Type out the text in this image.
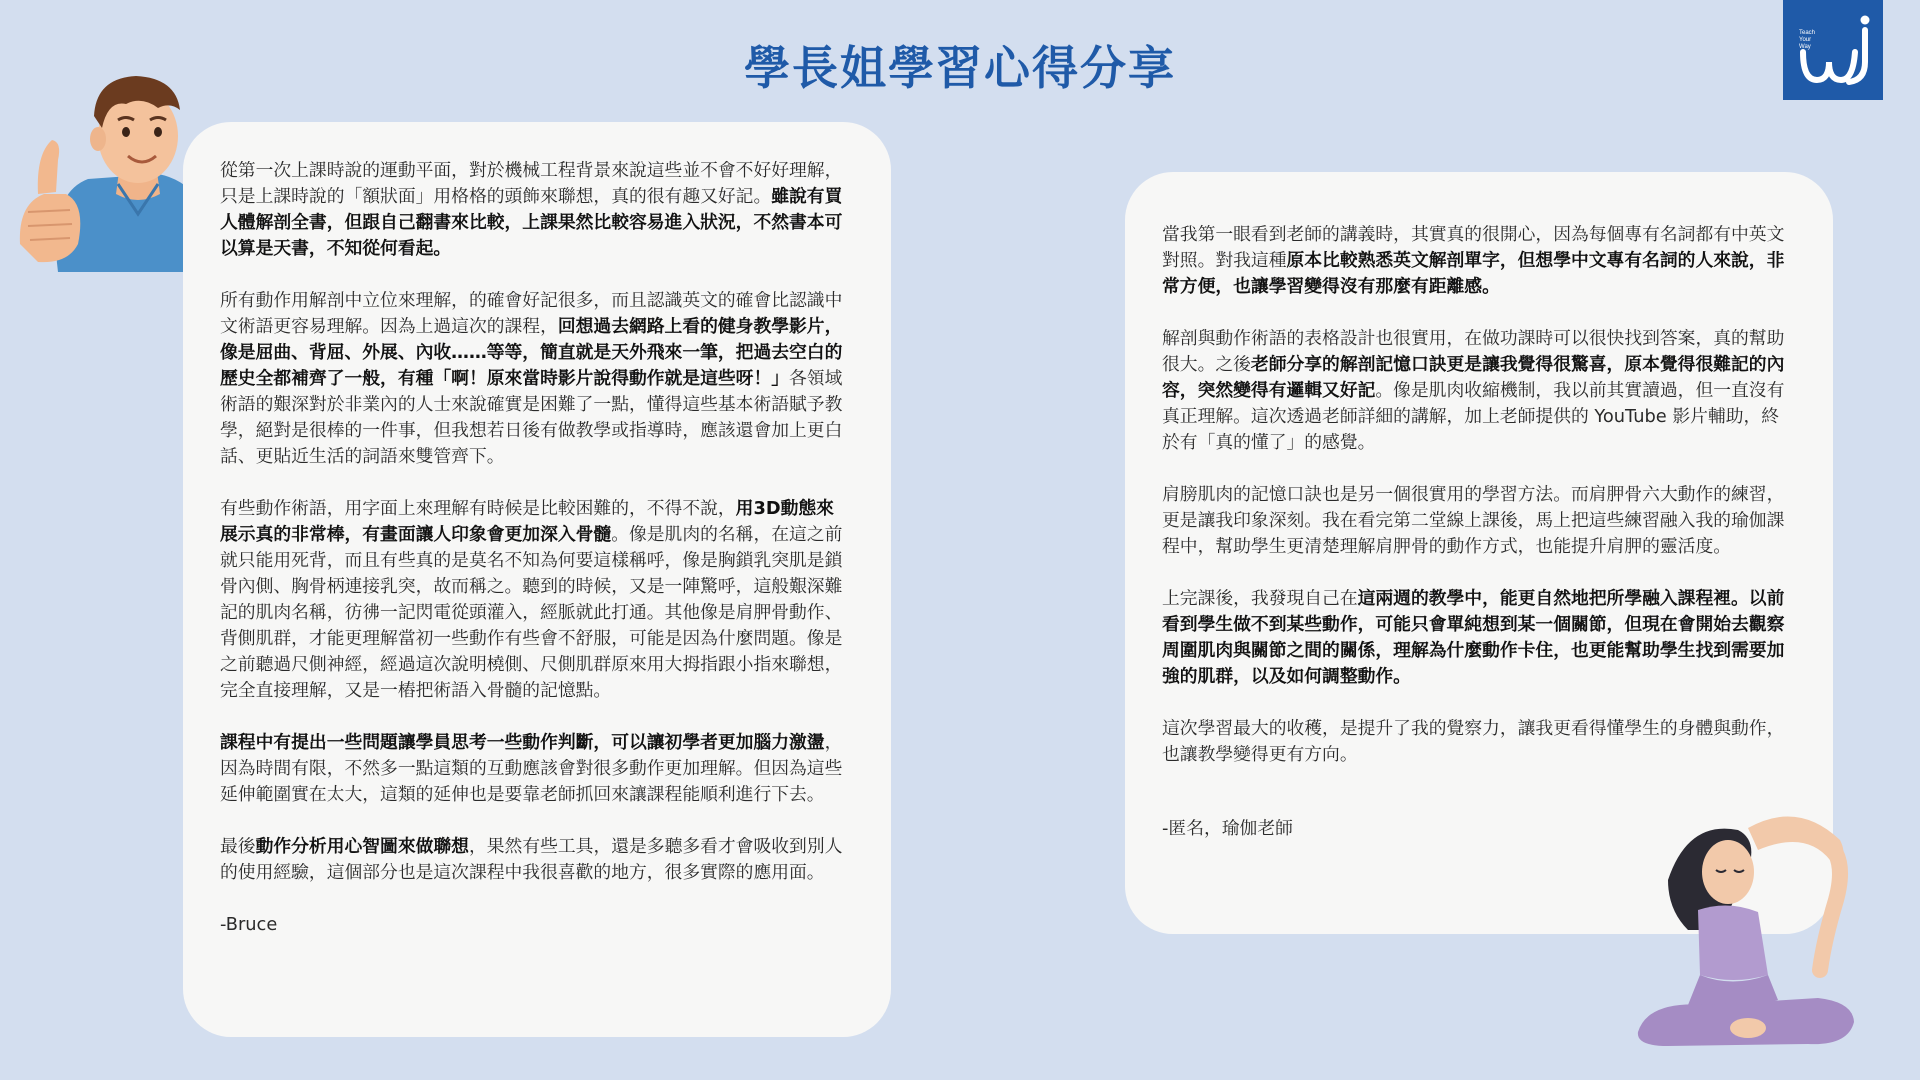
學長姐學習心得分享
Teach
Your
Way

從第一次上課時說的運動平面，對於機械工程背景來說這些並不會不好好理解，只是上課時說的「額狀面」用格格的頭飾來聯想，真的很有趣又好記。雖說有買人體解剖全書，但跟自己翻書來比較，上課果然比較容易進入狀況，不然書本可以算是天書，不知從何看起。

所有動作用解剖中立位來理解，的確會好記很多，而且認識英文的確會比認識中文術語更容易理解。因為上過這次的課程，回想過去網路上看的健身教學影片，像是屈曲、背屈、外展、內收……等等，簡直就是天外飛來一筆，把過去空白的歷史全都補齊了一般，有種「啊！原來當時影片說得動作就是這些呀！」各領域術語的艱深對於非業內的人士來說確實是困難了一點，懂得這些基本術語賦予教學，絕對是很棒的一件事，但我想若日後有做教學或指導時，應該還會加上更白話、更貼近生活的詞語來雙管齊下。

有些動作術語，用字面上來理解有時候是比較困難的，不得不說，用3D動態來展示真的非常棒，有畫面讓人印象會更加深入骨髓。像是肌肉的名稱，在這之前就只能用死背，而且有些真的是莫名不知為何要這樣稱呼，像是胸鎖乳突肌是鎖骨內側、胸骨柄連接乳突，故而稱之。聽到的時候，又是一陣驚呼，這般艱深難記的肌肉名稱，彷彿一記閃電從頭灌入，經脈就此打通。其他像是肩胛骨動作、背側肌群，才能更理解當初一些動作有些會不舒服，可能是因為什麼問題。像是之前聽過尺側神經，經過這次說明橈側、尺側肌群原來用大拇指跟小指來聯想，完全直接理解，又是一樁把術語入骨髓的記憶點。

課程中有提出一些問題讓學員思考一些動作判斷，可以讓初學者更加腦力激盪，因為時間有限，不然多一點這類的互動應該會對很多動作更加理解。但因為這些延伸範圍實在太大，這類的延伸也是要靠老師抓回來讓課程能順利進行下去。

最後動作分析用心智圖來做聯想，果然有些工具，還是多聽多看才會吸收到別人的使用經驗，這個部分也是這次課程中我很喜歡的地方，很多實際的應用面。

-Bruce

當我第一眼看到老師的講義時，其實真的很開心，因為每個專有名詞都有中英文對照。對我這種原本比較熟悉英文解剖單字，但想學中文專有名詞的人來說，非常方便，也讓學習變得沒有那麼有距離感。

解剖與動作術語的表格設計也很實用，在做功課時可以很快找到答案，真的幫助很大。之後老師分享的解剖記憶口訣更是讓我覺得很驚喜，原本覺得很難記的內容，突然變得有邏輯又好記。像是肌肉收縮機制，我以前其實讀過，但一直沒有真正理解。這次透過老師詳細的講解，加上老師提供的 YouTube 影片輔助，終於有「真的懂了」的感覺。

肩膀肌肉的記憶口訣也是另一個很實用的學習方法。而肩胛骨六大動作的練習，更是讓我印象深刻。我在看完第二堂線上課後，馬上把這些練習融入我的瑜伽課程中，幫助學生更清楚理解肩胛骨的動作方式，也能提升肩胛的靈活度。

上完課後，我發現自己在這兩週的教學中，能更自然地把所學融入課程裡。以前看到學生做不到某些動作，可能只會單純想到某一個關節，但現在會開始去觀察周圍肌肉與關節之間的關係，理解為什麼動作卡住，也更能幫助學生找到需要加強的肌群，以及如何調整動作。

這次學習最大的收穫，是提升了我的覺察力，讓我更看得懂學生的身體與動作，也讓教學變得更有方向。

-匿名，瑜伽老師
